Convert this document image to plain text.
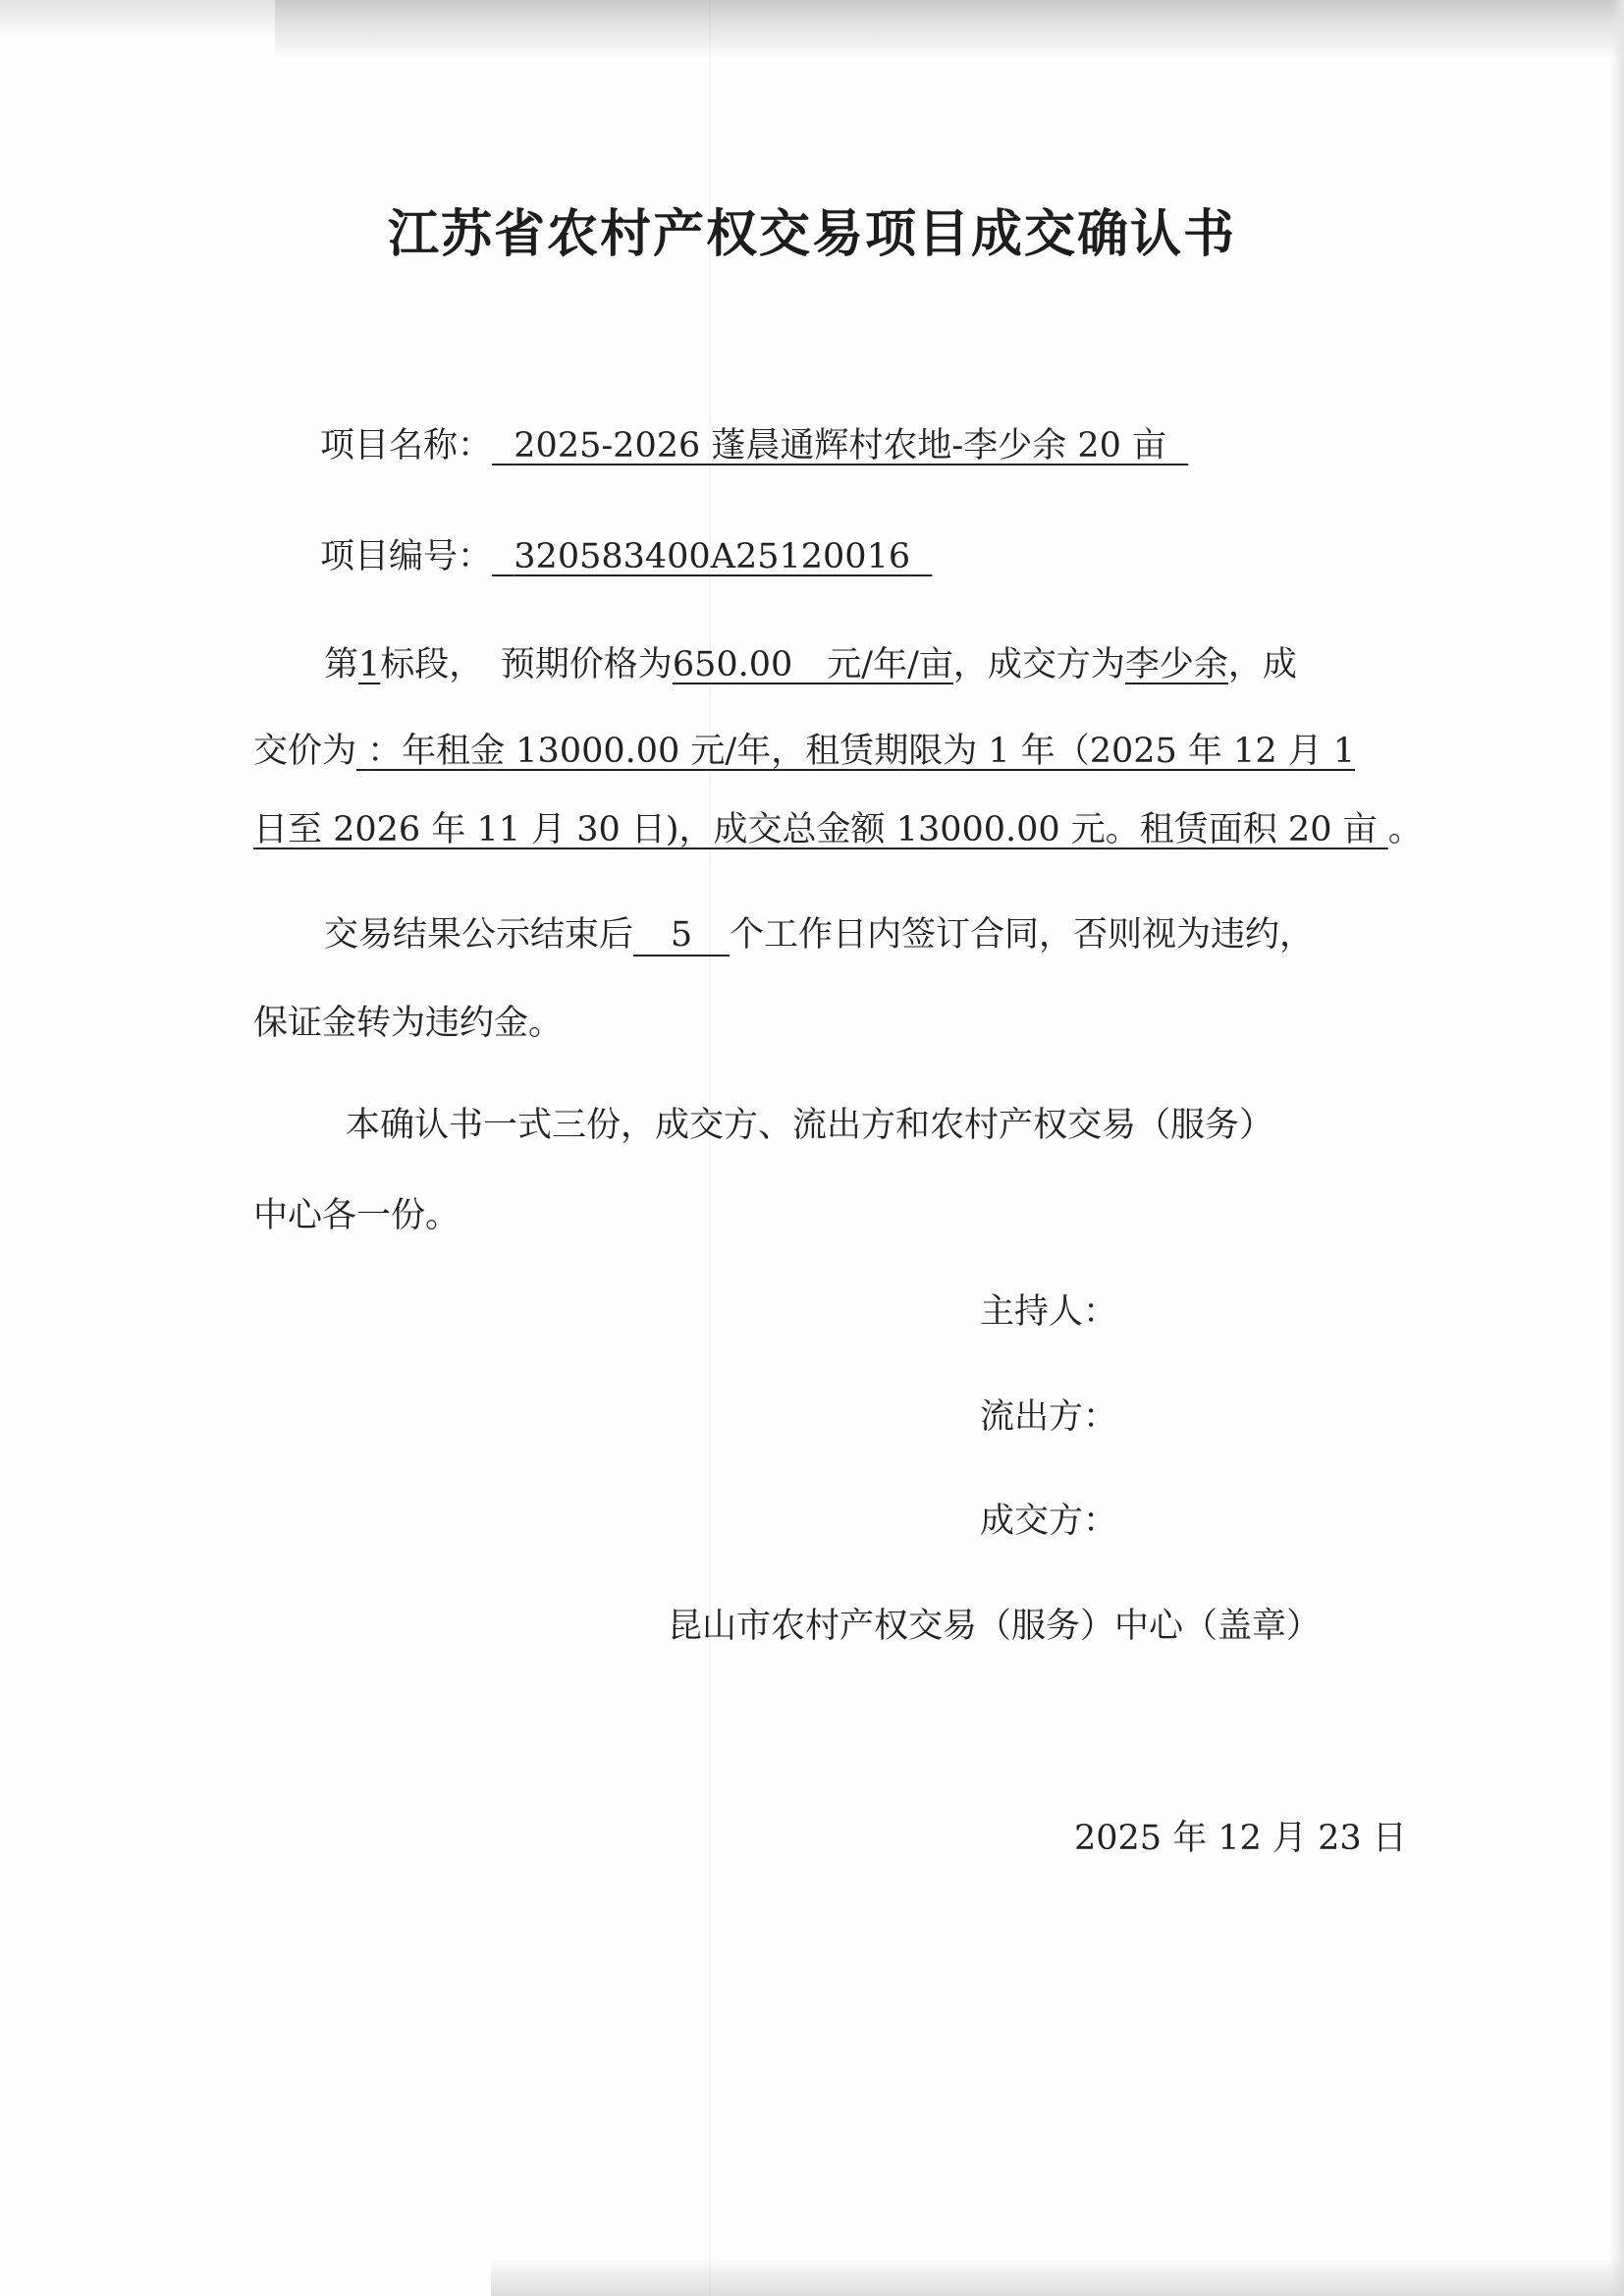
江苏省农村产权交易项目成交确认书
项目名称： 2025-2026 蓬晨通辉村农地-李少余 20 亩
项目编号： 320583400A25120016
第1标段，　预期价格为650.00　元/年/亩，成交方为李少余，成
交价为 ：年租金 13000.00 元/年，租赁期限为 1 年（2025 年 12 月 1
日至 2026 年 11 月 30 日)，成交总金额 13000.00 元。租赁面积 20 亩 。
交易结果公示结束后 5 个工作日内签订合同，否则视为违约，
保证金转为违约金。
本确认书一式三份，成交方、流出方和农村产权交易（服务）
中心各一份。
主持人：
流出方：
成交方：
昆山市农村产权交易（服务）中心（盖章）
2025 年 12 月 23 日
